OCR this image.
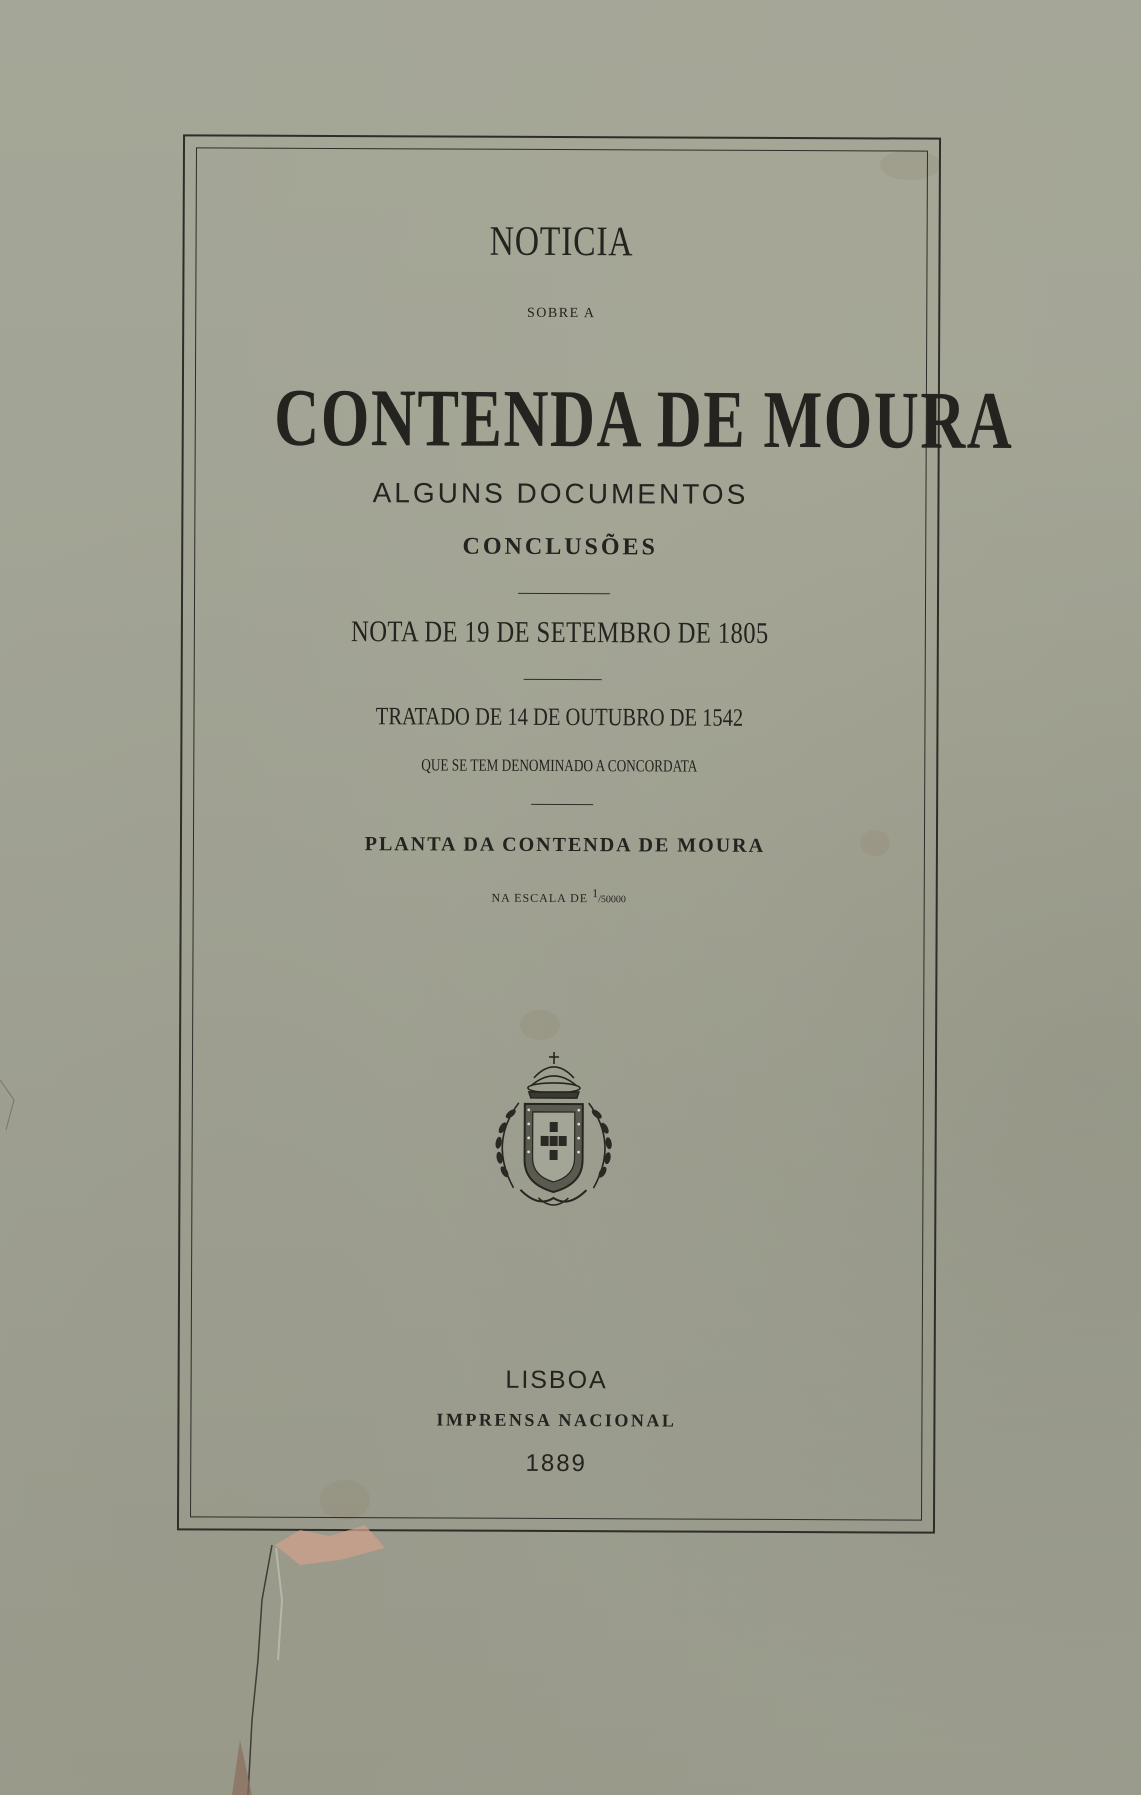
NOTICIA
SOBRE A
CONTENDA DE MOURA
ALGUNS DOCUMENTOS
CONCLUSÕES
NOTA DE 19 DE SETEMBRO DE 1805
TRATADO DE 14 DE OUTUBRO DE 1542
QUE SE TEM DENOMINADO A CONCORDATA
PLANTA DA CONTENDA DE MOURA
NA ESCALA DE 1/50000
LISBOA
IMPRENSA NACIONAL
1889
